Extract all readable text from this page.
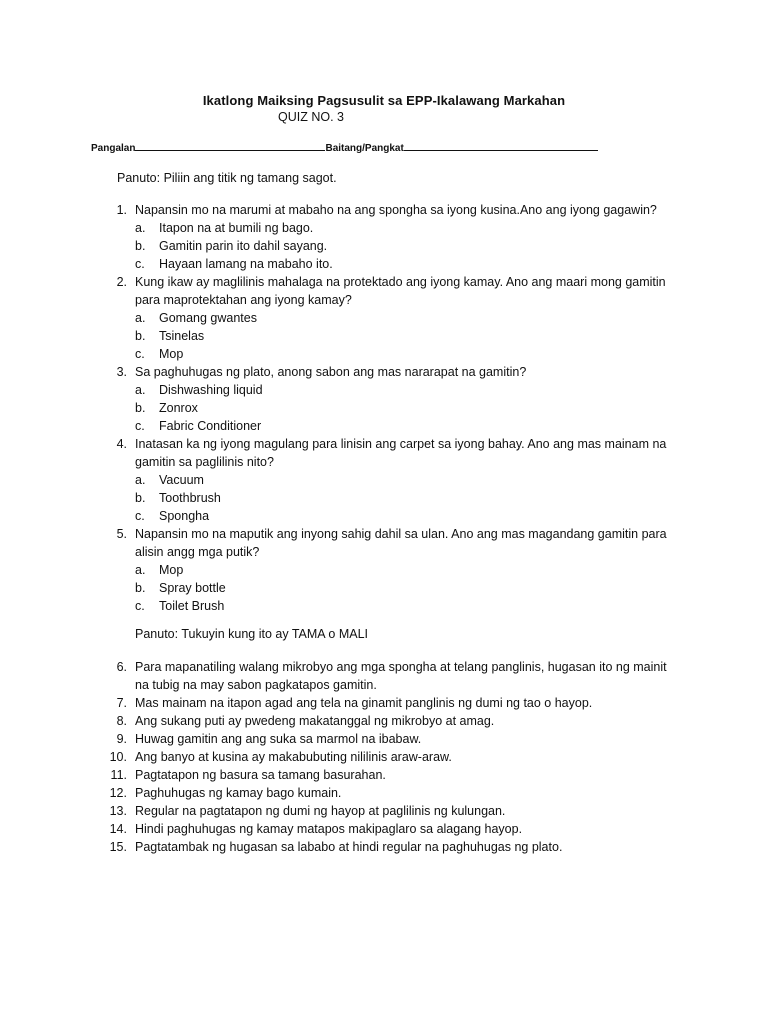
Ikatlong Maiksing Pagsusulit sa EPP-Ikalawang Markahan
QUIZ NO. 3
Pangalan	Baitang/Pangkat
Panuto: Piliin ang titik ng tamang sagot.
1. Napansin mo na marumi at mabaho na ang spongha sa iyong kusina.Ano ang iyong gagawin?
a. Itapon na at bumili ng bago.
b. Gamitin parin ito dahil sayang.
c. Hayaan lamang na mabaho ito.
2. Kung ikaw ay maglilinis mahalaga na protektado ang iyong kamay. Ano ang maari mong gamitin para maprotektahan ang iyong kamay?
a. Gomang gwantes
b. Tsinelas
c. Mop
3. Sa paghuhugas ng plato, anong sabon ang mas nararapat na gamitin?
a. Dishwashing liquid
b. Zonrox
c. Fabric Conditioner
4. Inatasan ka ng iyong magulang para linisin ang carpet sa iyong bahay. Ano ang mas mainam na gamitin sa paglilinis nito?
a. Vacuum
b. Toothbrush
c. Spongha
5. Napansin mo na maputik ang inyong sahig dahil sa ulan. Ano ang mas magandang gamitin para alisin angg mga putik?
a. Mop
b. Spray bottle
c. Toilet Brush
Panuto: Tukuyin kung ito ay TAMA o MALI
6. Para mapanatiling walang mikrobyo ang mga spongha at telang panglinis, hugasan ito ng mainit na tubig na may sabon pagkatapos gamitin.
7. Mas mainam na itapon agad ang tela na ginamit panglinis ng dumi ng tao o hayop.
8. Ang sukang puti ay pwedeng makatanggal ng mikrobyo at amag.
9. Huwag gamitin ang ang suka sa marmol na ibabaw.
10. Ang banyo at kusina ay makabubuting nililinis araw-araw.
11. Pagtatapon ng basura sa tamang basurahan.
12. Paghuhugas ng kamay bago kumain.
13. Regular na pagtatapon ng dumi ng hayop at paglilinis ng kulungan.
14. Hindi paghuhugas ng kamay matapos makipaglaro sa alagang hayop.
15. Pagtatambak ng hugasan sa lababo at hindi regular na paghuhugas ng plato.
